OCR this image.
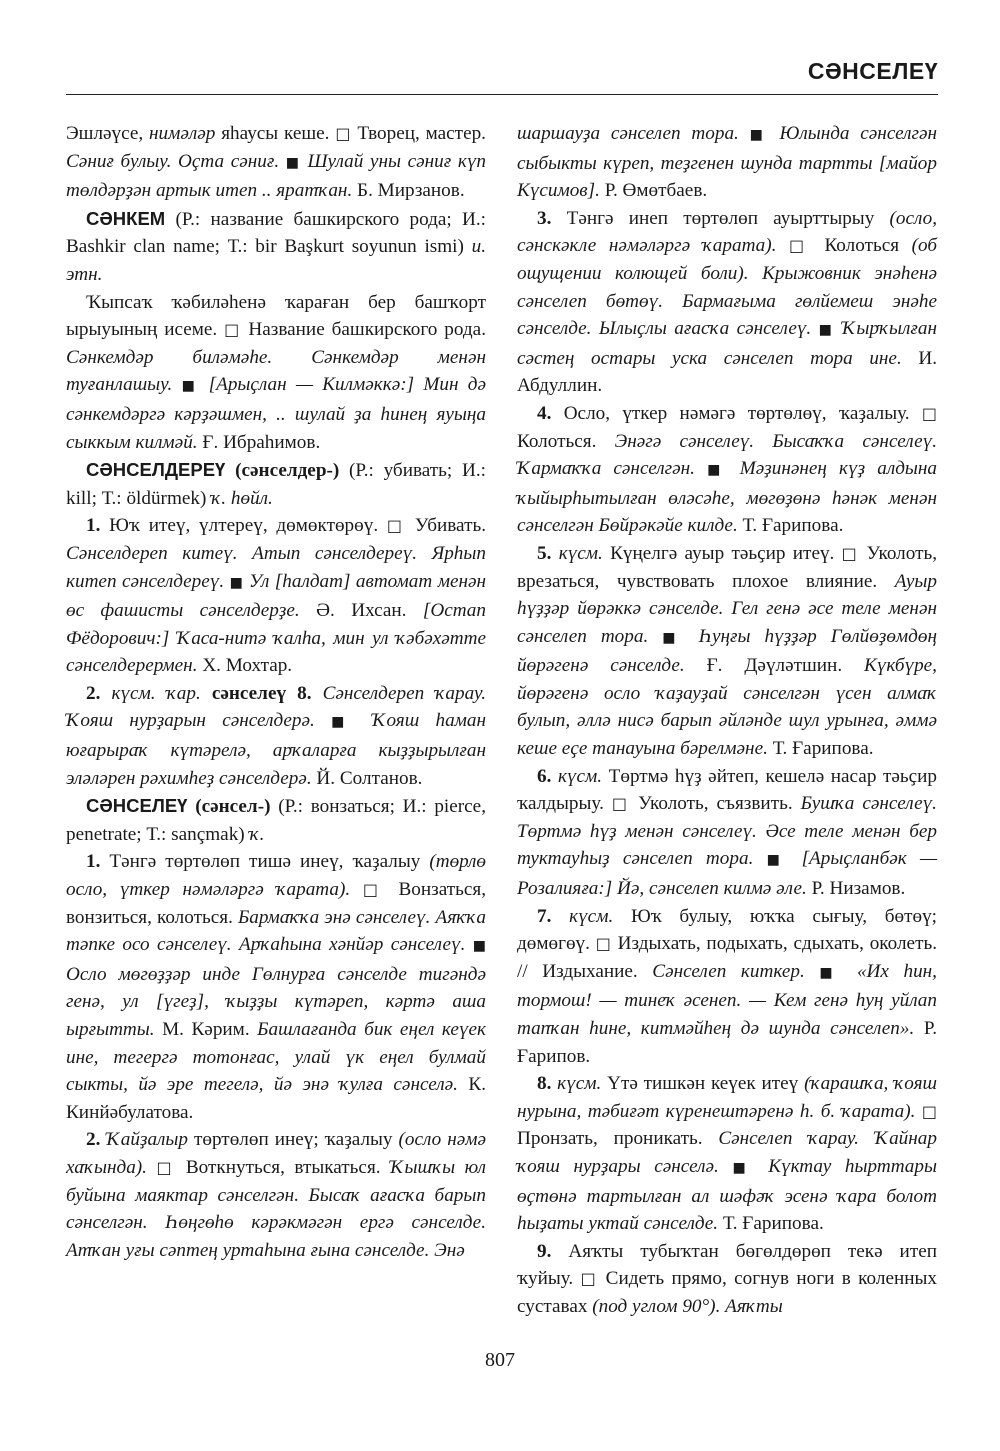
СӘНСЕЛЕҮ

Эшләүсе, нимәләр яһаусы кеше. □ Творец, мастер. Сәниғ булыу. Оҫта сәниғ. ■ Шулай уны сәниғ күп төлдәрҙән артык итеп .. яратҡан. Б. Мирзанов.

СӘНКЕМ (Р.: название башкирского рода; И.: Bashkir clan name; Т.: bir Başkurt soyunun ismi) и. этн.

Ҡыпсаҡ ҡәбиләһенә ҡараған бер башҡорт ырыуының исеме. □ Название башкирского рода. Сәнкемдәр биләмәһе. Сәнкемдәр менән туғанлашыу. ■ [Арыҫлан — Килмәккә:] Мин дә сәнкемдәргә кәрҙәшмен, .. шулай ҙа һинең яуыңа сыккым килмәй. Ғ. Ибраһимов.

СӘНСЕЛДЕРЕҮ (сәнселдер-) (Р.: убивать; И.: kill; Т.: öldürmek) ҡ. һөйл.

1. Юҡ итеү, үлтереү, дөмөктөрөү. □ Убивать. Сәнселдереп китеү. Атып сәнселдереү. Ярһып китеп сәнселдереү. ■ Ул [һалдат] автомат менән өс фашисты сәнселдерҙе. Ә. Ихсан. [Остап Фёдорович:] Ҡаса-нитә ҡалһа, мин ул ҡәбәхәтте сәнселдерермен. Х. Мохтар.

2. күсм. ҡар. сәнселеү 8. Сәнселдереп ҡарау. Ҡояш нурҙарын сәнселдерә. ■ Ҡояш һаман юғарыраҡ күтәрелә, арҡаларға кыҙҙырылған эләләрен рәхимһеҙ сәнселдерә. Й. Солтанов.

СӘНСЕЛЕҮ (сәнсел-) (Р.: вонзаться; И.: pierce, penetrate; Т.: sançmak) ҡ.

1. Тәнгә төртөлөп тишә инеү, ҡаҙалыу (төрлө осло, үткер нәмәләргә ҡарата). □ Вонзаться, вонзиться, колоться. Бармаҡҡа энә сәнселеү. Аяҡҡа тәпке осо сәнселеү. Арҡаһына хәнйәр сәнселеү. ■ Осло мөгөҙҙәр инде Гөлнурға сәнселде тигәндә генә, ул [үгеҙ], ҡыҙҙы күтәреп, кәртә аша ырғытты. М. Кәрим. Башлағанда бик еңел кеүек ине, тегергә тотонғас, улай үк еңел булмай сыкты, йә эре тегелә, йә энә ҡулға сәнселә. К. Кинйәбулатова.

2. Ҡайҙалыр төртөлөп инеү; ҡаҙалыу (осло нәмә хаҡында). □ Воткнуться, втыкаться. Ҡышҡы юл буйына маяктар сәнселгән. Бысаҡ ағасҡа барып сәнселгән. Һөңгөһө кәрәкмәгән ергә сәнселде. Атҡан уғы сәптең уртаһына ғына сәнселде. Энә

шаршауҙа сәнселеп тора. ■ Юлында сәнселгән сыбыкты күреп, теҙгенен шунда тартты [майор Күсимов]. Р. Өмөтбаев.

3. Тәнгә инеп төртөлөп ауырттырыу (осло, сәнскәкле нәмәләргә ҡарата). □ Колоться (об ощущении колющей боли). Крыжовник энәһенә сәнселеп бөтөү. Бармағыма гөлйемеш энәһе сәнселде. Ылыҫлы ағасҡа сәнселеү. ■ Ҡырҡылған сәстең остары уска сәнселеп тора ине. И. Абдуллин.

4. Осло, үткер нәмәгә төртөлөү, ҡаҙалыу. □ Колоться. Энәгә сәнселеү. Бысаҡҡа сәнселеү. Ҡармаҡҡа сәнселгән. ■ Мәҙинәнең күҙ алдына ҡыйырһытылған өләсәһе, мөгөҙөнә һәнәк менән сәнселгән Бөйрәкәйе килде. Т. Ғарипова.

5. күсм. Күңелгә ауыр тәьҫир итеү. □ Уколоть, врезаться, чувствовать плохое влияние. Ауыр һүҙҙәр йөрәккә сәнселде. Гел генә әсе теле менән сәнселеп тора. ■ Һуңғы һүҙҙәр Гөлйөҙөмдөң йөрәгенә сәнселде. Ғ. Дәүләтшин. Күкбүре, йөрәгенә осло ҡаҙауҙай сәнселгән үсен алмаҡ булып, әллә нисә барып әйләнде шул урынға, әммә кеше еҫе танауына бәрелмәне. Т. Ғарипова.

6. күсм. Төртмә һүҙ әйтеп, кешелә насар тәьҫир ҡалдырыу. □ Уколоть, съязвить. Бушҡа сәнселеү. Төртмә һүҙ менән сәнселеү. Әсе теле менән бер туктауһыҙ сәнселеп тора. ■ [Арыҫланбәк — Розалияға:] Йә, сәнселеп килмә әле. Р. Низамов.

7. күсм. Юҡ булыу, юҡҡа сығыу, бөтөү; дөмөгөү. □ Издыхать, подыхать, сдыхать, околеть. // Издыхание. Сәнселеп киткер. ■ «Их һин, тормош! — тинеҡ әсенеп. — Кем генә һуң уйлап тапҡан һине, китмәйһең дә шунда сәнселеп». Р. Ғарипов.

8. күсм. Үтә тишкән кеүек итеү (ҡарашҡа, ҡояш нурына, тәбиғәт күренештәренә һ. б. ҡарата). □ Пронзать, проникать. Сәнселеп ҡарау. Ҡайнар ҡояш нурҙары сәнселә. ■ Күктау һырттары өҫтөнә тартылған ал шәфәҡ эсенә ҡара болот һыҙаты уктай сәнселде. Т. Ғарипова.

9. Аяҡты тубыҡтан бөгөлдөрөп текә итеп ҡуйыу. □ Сидеть прямо, согнув ноги в коленных суставах (под углом 90°). Аяҡты

807
